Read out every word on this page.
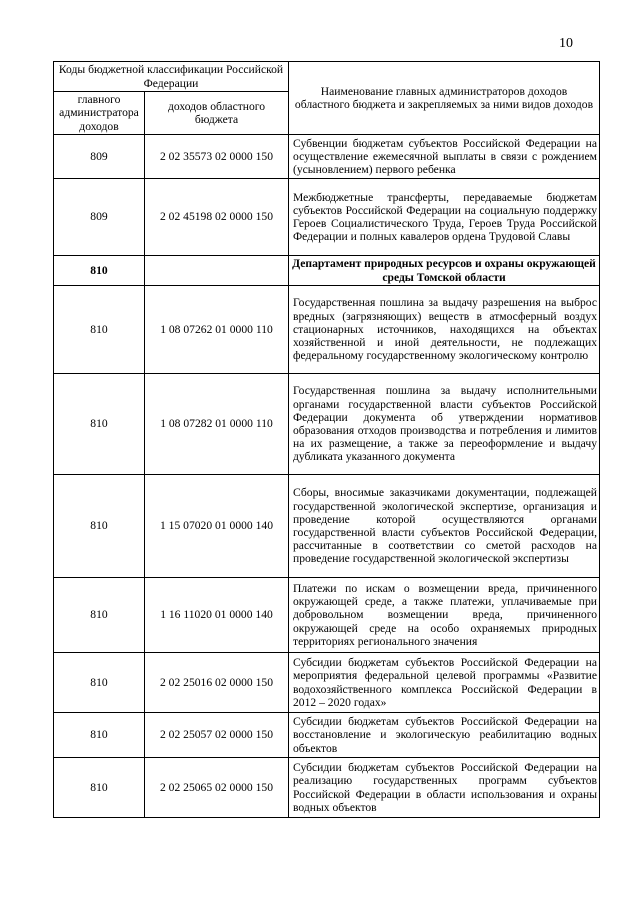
10
Коды бюджетной классификации Российской Федерации		Наименование главных администраторов доходов областного бюджета и закрепляемых за ними видов доходов
главного администратора доходов	доходов областного бюджета	
809	2 02 35573 02 0000 150	Субвенции бюджетам субъектов Российской Федерации на осуществление ежемесячной выплаты в связи с рождением (усыновлением) первого ребенка
809	2 02 45198 02 0000 150	Межбюджетные трансферты, передаваемые бюджетам субъектов Российской Федерации на социальную поддержку Героев Социалистического Труда, Героев Труда Российской Федерации и полных кавалеров ордена Трудовой Славы
810		Департамент природных ресурсов и охраны окружающей среды Томской области
810	1 08 07262 01 0000 110	Государственная пошлина за выдачу разрешения на выброс вредных (загрязняющих) веществ в атмосферный воздух стационарных источников, находящихся на объектах хозяйственной и иной деятельности, не подлежащих федеральному государственному экологическому контролю
810	1 08 07282 01 0000 110	Государственная пошлина за выдачу исполнительными органами государственной власти субъектов Российской Федерации документа об утверждении нормативов образования отходов производства и потребления и лимитов на их размещение, а также за переоформление и выдачу дубликата указанного документа
810	1 15 07020 01 0000 140	Сборы, вносимые заказчиками документации, подлежащей государственной экологической экспертизе, организация и проведение которой осуществляются органами государственной власти субъектов Российской Федерации, рассчитанные в соответствии со сметой расходов на проведение государственной экологической экспертизы
810	1 16 11020 01 0000 140	Платежи по искам о возмещении вреда, причиненного окружающей среде, а также платежи, уплачиваемые при добровольном возмещении вреда, причиненного окружающей среде на особо охраняемых природных территориях регионального значения
810	2 02 25016 02 0000 150	Субсидии бюджетам субъектов Российской Федерации на мероприятия федеральной целевой программы «Развитие водохозяйственного комплекса Российской Федерации в 2012 – 2020 годах»
810	2 02 25057 02 0000 150	Субсидии бюджетам субъектов Российской Федерации на восстановление и экологическую реабилитацию водных объектов
810	2 02 25065 02 0000 150	Субсидии бюджетам субъектов Российской Федерации на реализацию государственных программ субъектов Российской Федерации в области использования и охраны водных объектов
